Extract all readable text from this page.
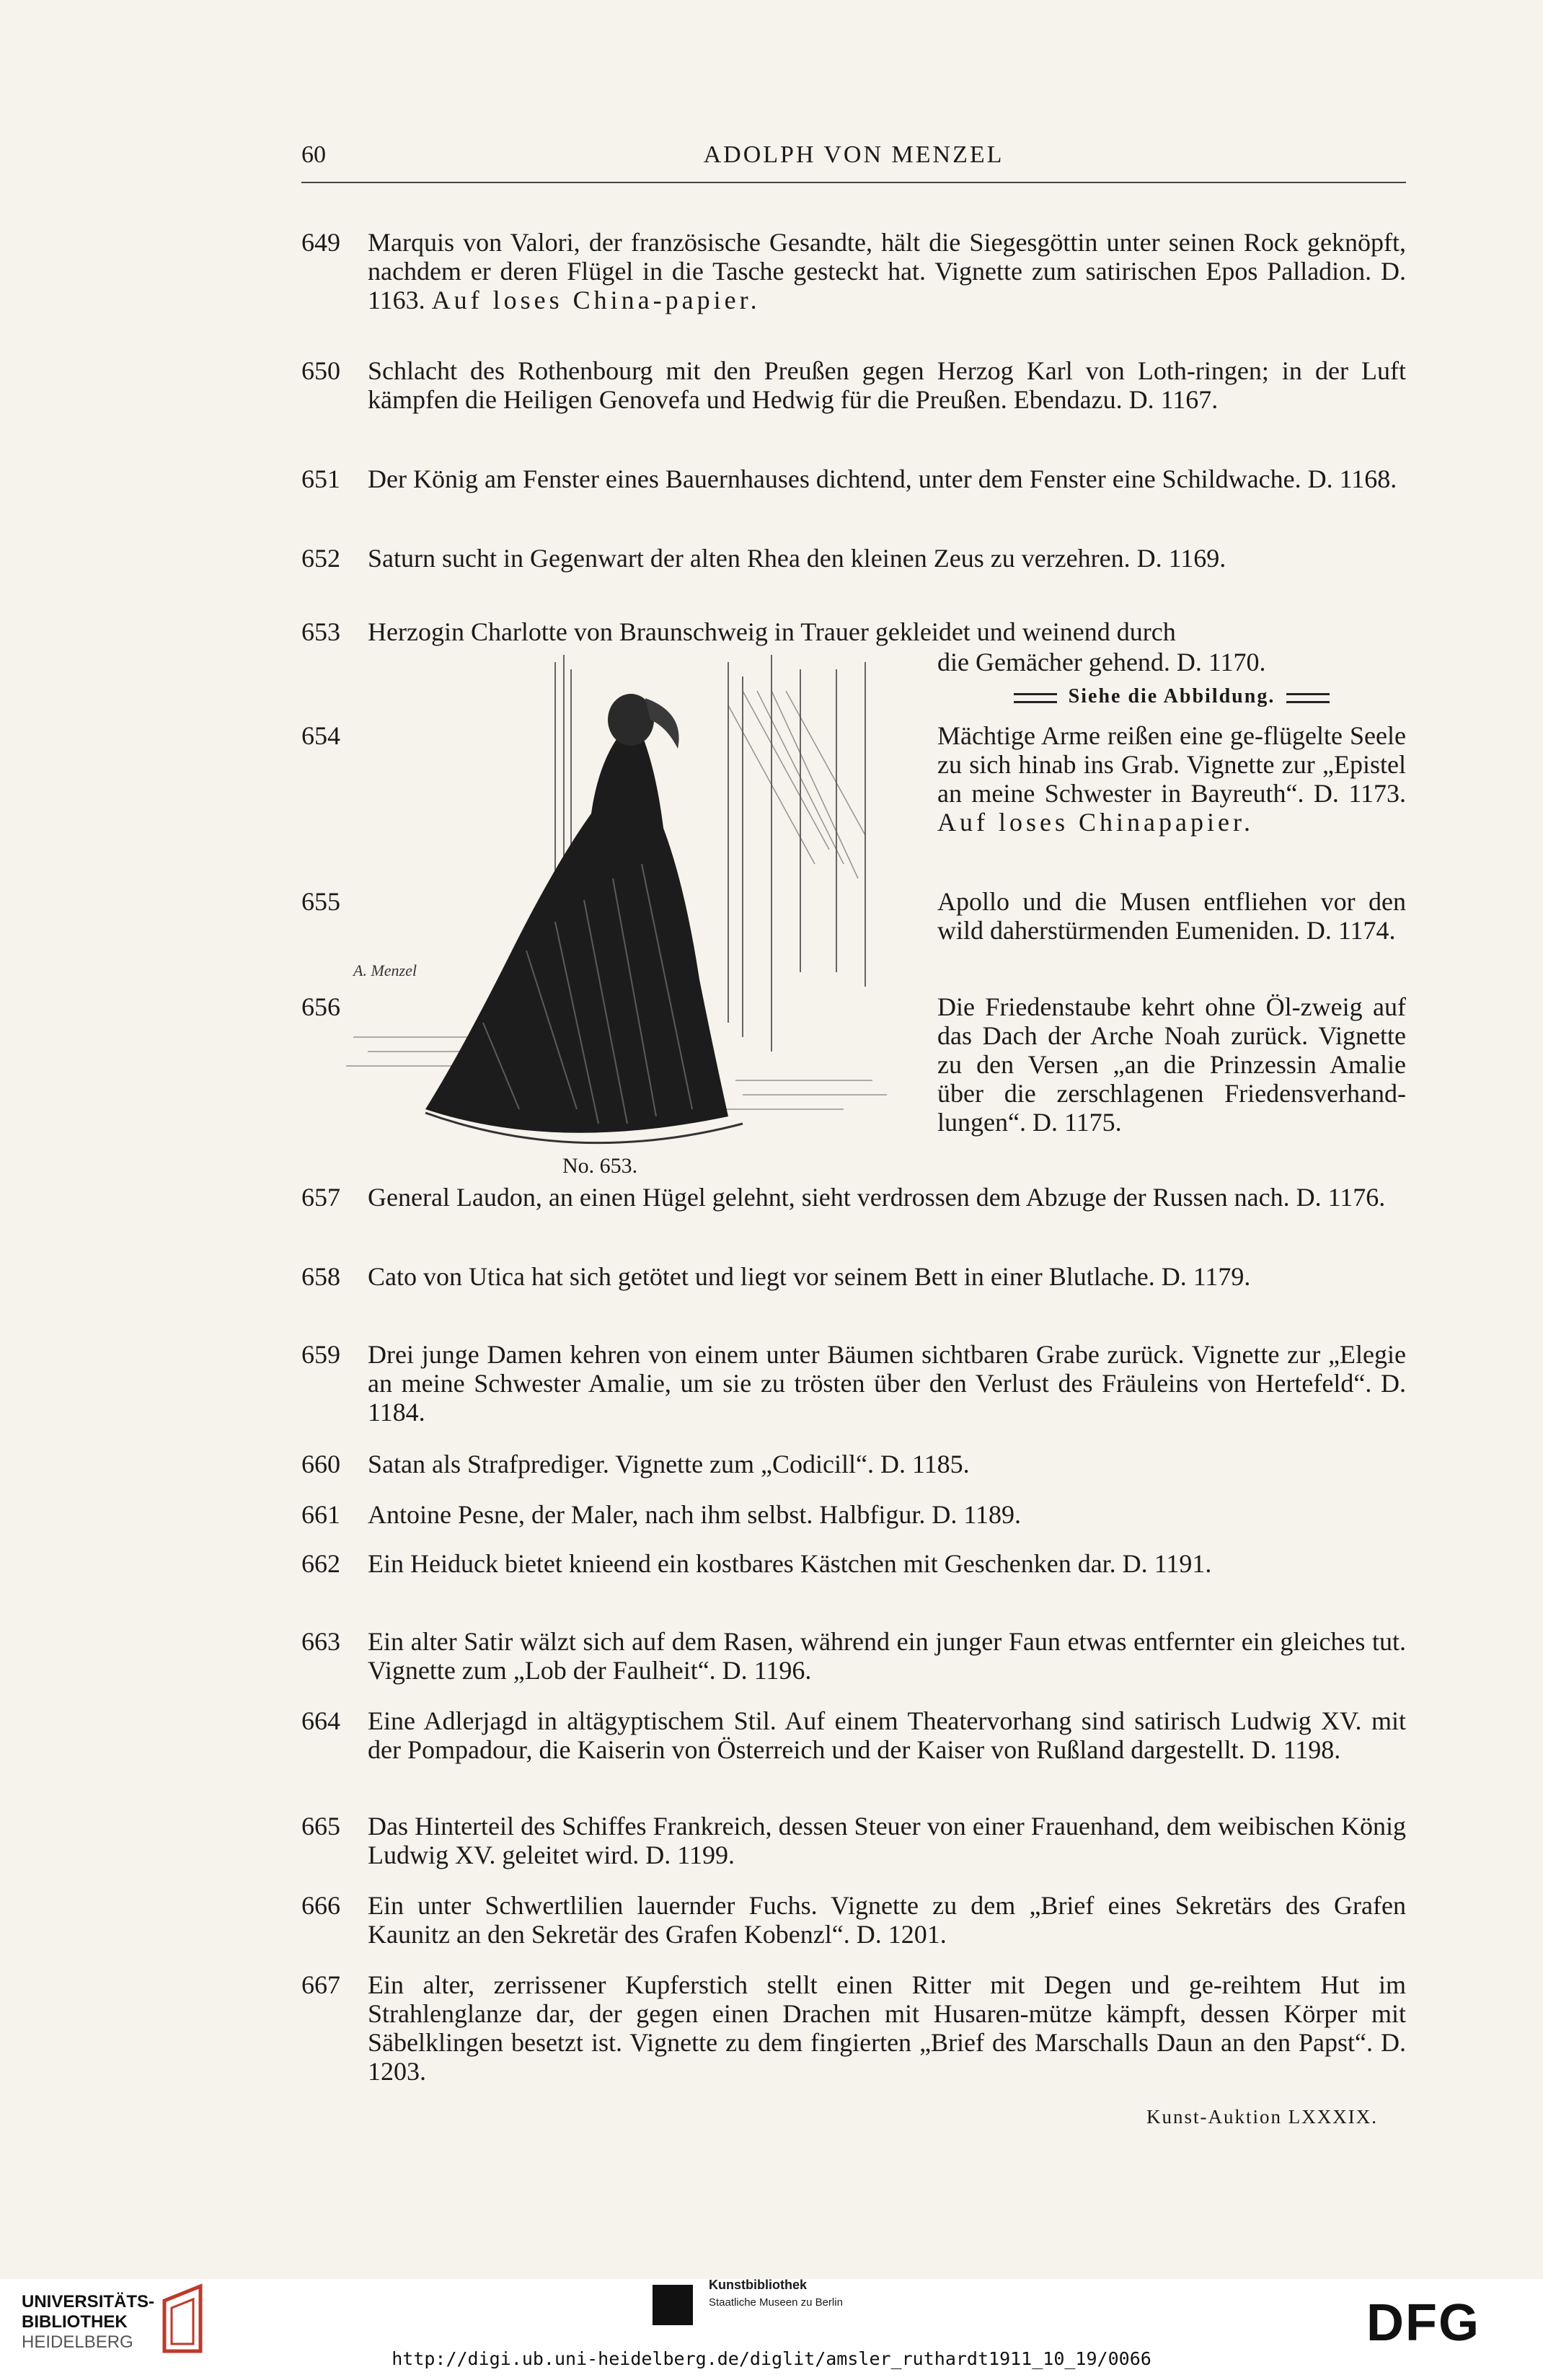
60	ADOLPH VON MENZEL
649	Marquis von Valori, der französische Gesandte, hält die Siegesgöttin unter seinen Rock geknöpft, nachdem er deren Flügel in die Tasche gesteckt hat. Vignette zum satirischen Epos Palladion. D. 1163. Auf loses China-papier.
650	Schlacht des Rothenbourg mit den Preußen gegen Herzog Karl von Loth-ringen; in der Luft kämpfen die Heiligen Genovefa und Hedwig für die Preußen. Ebendazu. D. 1167.
651	Der König am Fenster eines Bauernhauses dichtend, unter dem Fenster eine Schildwache. D. 1168.
652	Saturn sucht in Gegenwart der alten Rhea den kleinen Zeus zu verzehren. D. 1169.
653	Herzogin Charlotte von Braunschweig in Trauer gekleidet und weinend durch
die Gemächer gehend. D. 1170.
Siehe die Abbildung.
A. Menzel
No. 653.
654	Mächtige Arme reißen eine ge-flügelte Seele zu sich hinab ins Grab. Vignette zur „Epistel an meine Schwester in Bayreuth“. D. 1173. Auf loses Chinapapier.
655	Apollo und die Musen entfliehen vor den wild daherstürmenden Eumeniden. D. 1174.
656	Die Friedenstaube kehrt ohne Öl-zweig auf das Dach der Arche Noah zurück. Vignette zu den Versen „an die Prinzessin Amalie über die zerschlagenen Friedensverhand-lungen“. D. 1175.
657	General Laudon, an einen Hügel gelehnt, sieht verdrossen dem Abzuge der Russen nach. D. 1176.
658	Cato von Utica hat sich getötet und liegt vor seinem Bett in einer Blutlache. D. 1179.
659	Drei junge Damen kehren von einem unter Bäumen sichtbaren Grabe zurück. Vignette zur „Elegie an meine Schwester Amalie, um sie zu trösten über den Verlust des Fräuleins von Hertefeld“. D. 1184.
660	Satan als Strafprediger. Vignette zum „Codicill“. D. 1185.
661	Antoine Pesne, der Maler, nach ihm selbst. Halbfigur. D. 1189.
662	Ein Heiduck bietet knieend ein kostbares Kästchen mit Geschenken dar. D. 1191.
663	Ein alter Satir wälzt sich auf dem Rasen, während ein junger Faun etwas entfernter ein gleiches tut. Vignette zum „Lob der Faulheit“. D. 1196.
664	Eine Adlerjagd in altägyptischem Stil. Auf einem Theatervorhang sind satirisch Ludwig XV. mit der Pompadour, die Kaiserin von Österreich und der Kaiser von Rußland dargestellt. D. 1198.
665	Das Hinterteil des Schiffes Frankreich, dessen Steuer von einer Frauenhand, dem weibischen König Ludwig XV. geleitet wird. D. 1199.
666	Ein unter Schwertlilien lauernder Fuchs. Vignette zu dem „Brief eines Sekretärs des Grafen Kaunitz an den Sekretär des Grafen Kobenzl“. D. 1201.
667	Ein alter, zerrissener Kupferstich stellt einen Ritter mit Degen und ge-reihtem Hut im Strahlenglanze dar, der gegen einen Drachen mit Husaren-mütze kämpft, dessen Körper mit Säbelklingen besetzt ist. Vignette zu dem fingierten „Brief des Marschalls Daun an den Papst“. D. 1203.
Kunst-Auktion LXXXIX.
UNIVERSITÄTS-
BIBLIOTHEK
HEIDELBERG
Kunstbibliothek
Staatliche Museen zu Berlin	DFG
http://digi.ub.uni-heidelberg.de/diglit/amsler_ruthardt1911_10_19/0066
